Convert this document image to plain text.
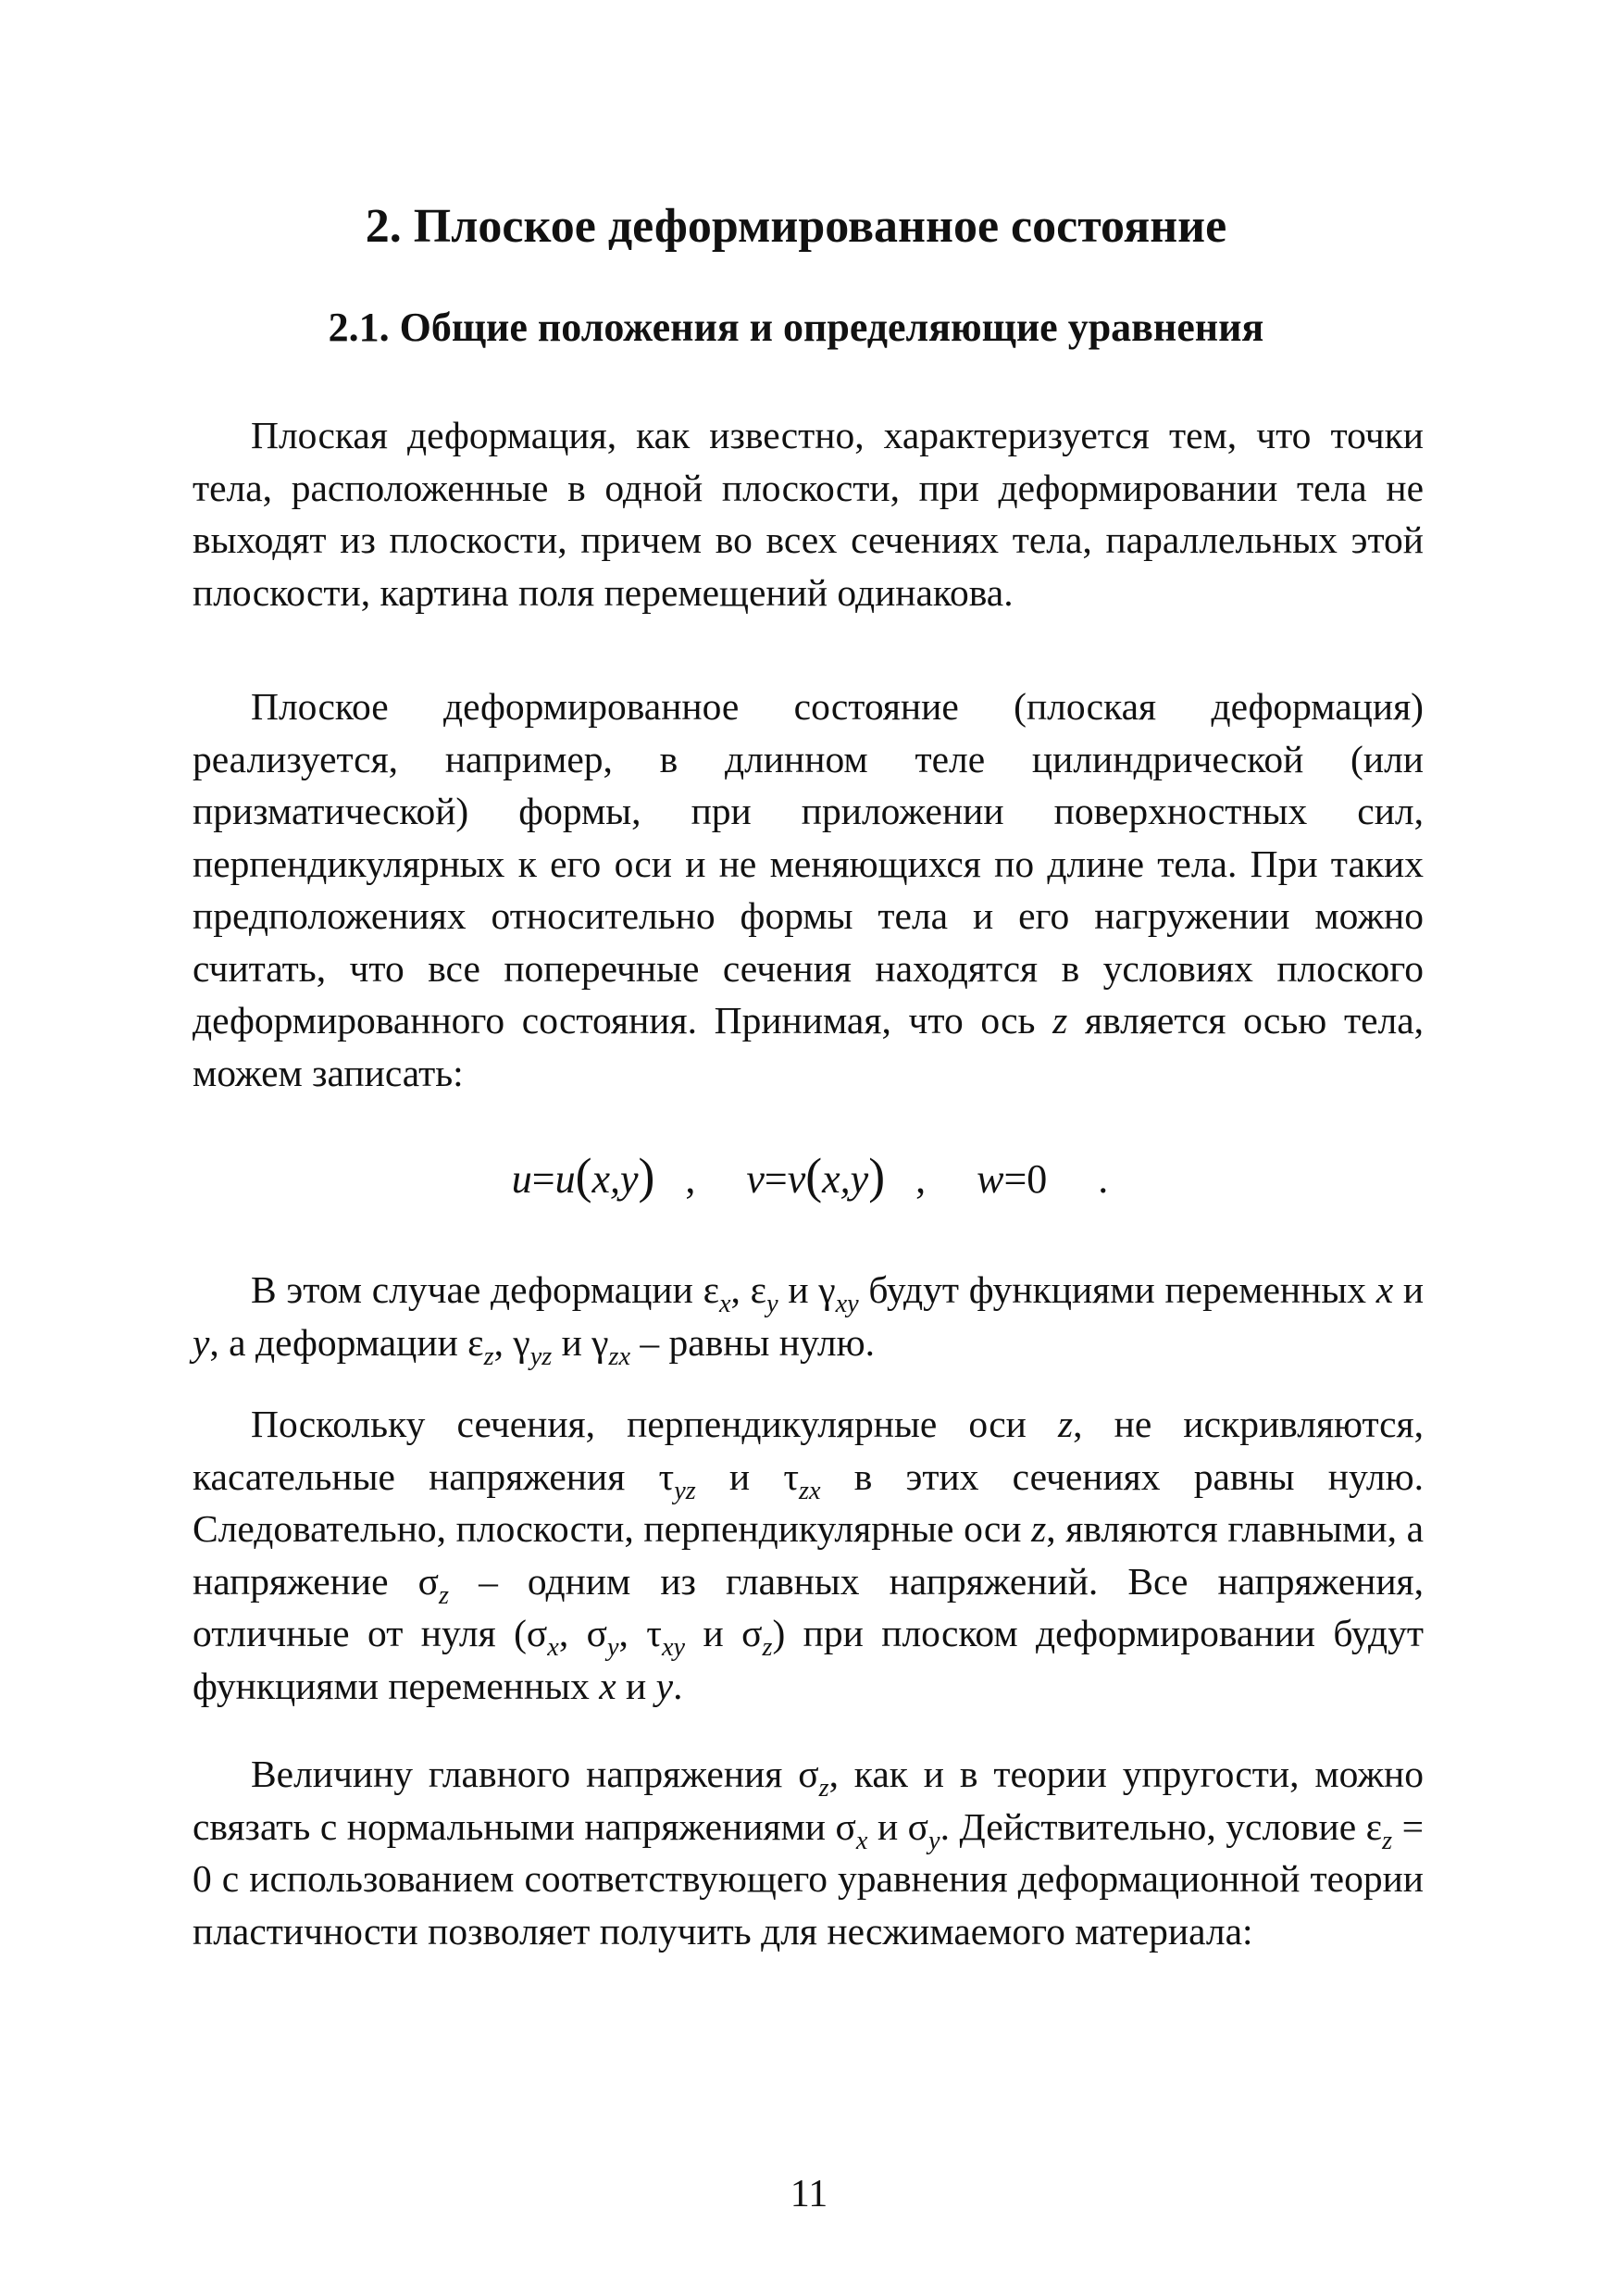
2. Плоское деформированное состояние
2.1. Общие положения и определяющие уравнения

Плоская деформация, как известно, характеризуется тем, что точки тела, расположенные в одной плоскости, при деформировании тела не выходят из плоскости, причем во всех сечениях тела, параллельных этой плоскости, картина поля перемещений одинакова.

Плоское деформированное состояние (плоская деформация) реализуется, например, в длинном теле цилиндрической (или призматической) формы, при приложении поверхностных сил, перпендикулярных к его оси и не меняющихся по длине тела. При таких предположениях относительно формы тела и его нагружении можно считать, что все поперечные сечения находятся в условиях плоского деформированного состояния. Принимая, что ось z является осью тела, можем записать:

u=u(x,y) , v=v(x,y) , w=0 .

В этом случае деформации $\varepsilon_x$, $\varepsilon_y$ и $\gamma_{xy}$ будут функциями переменных x и y, а деформации $\varepsilon_z$, $\gamma_{yz}$ и $\gamma_{zx}$ – равны нулю.

Поскольку сечения, перпендикулярные оси z, не искривляются, касательные напряжения $\tau_{yz}$ и $\tau_{zx}$ в этих сечениях равны нулю. Следовательно, плоскости, перпендикулярные оси z, являются главными, а напряжение $\sigma_z$ – одним из главных напряжений. Все напряжения, отличные от нуля ($\sigma_x$, $\sigma_y$, $\tau_{xy}$ и $\sigma_z$) при плоском деформировании будут функциями переменных x и y.

Величину главного напряжения $\sigma_z$, как и в теории упругости, можно связать с нормальными напряжениями $\sigma_x$ и $\sigma_y$. Действительно, условие $\varepsilon_z = 0$ с использованием соответствующего уравнения деформационной теории пластичности позволяет получить для несжимаемого материала:

11
